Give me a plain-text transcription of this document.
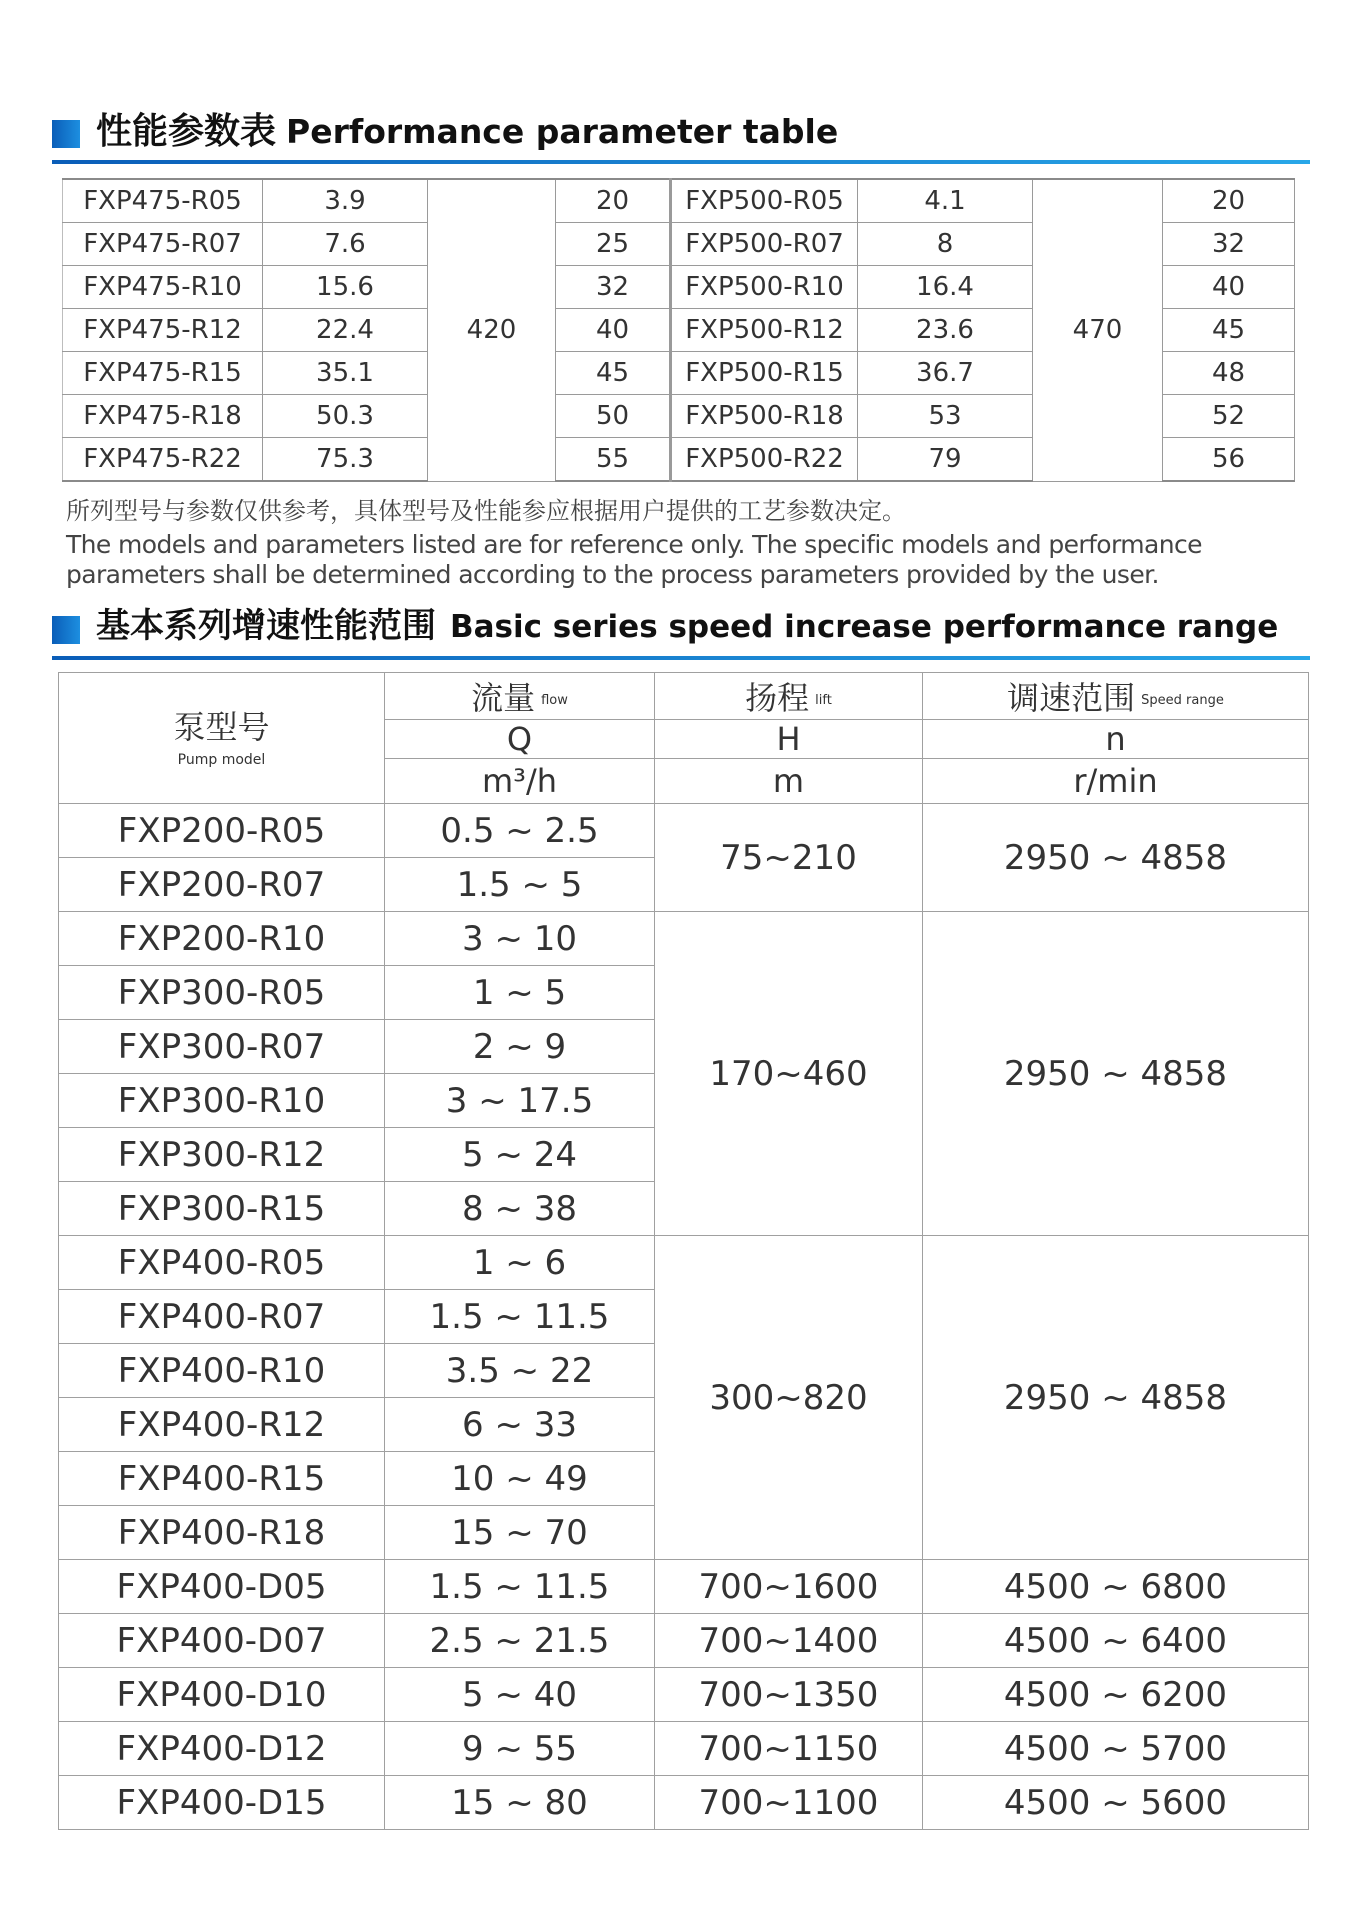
性能参数表 Performance parameter table
FXP475-R05	3.9	420	20	FXP500-R05	4.1	470	20
FXP475-R07	7.6		25	FXP500-R07	8		32
FXP475-R10	15.6		32	FXP500-R10	16.4		40
FXP475-R12	22.4		40	FXP500-R12	23.6		45
FXP475-R15	35.1		45	FXP500-R15	36.7		48
FXP475-R18	50.3		50	FXP500-R18	53		52
FXP475-R22	75.3		55	FXP500-R22	79		56
所列型号与参数仅供参考，具体型号及性能参应根据用户提供的工艺参数决定。
The models and parameters listed are for reference only. The specific models and performance parameters shall be determined according to the process parameters provided by the user.
基本系列增速性能范围 Basic series speed increase performance range
泵型号
Pump model	流量 flow	扬程 lift	调速范围 Speed range
	Q	H	n
	m³/h	m	r/min
FXP200-R05	0.5 ~ 2.5	75~210	2950 ~ 4858
FXP200-R07	1.5 ~ 5		
FXP200-R10	3 ~ 10	170~460	2950 ~ 4858
FXP300-R05	1 ~ 5		
FXP300-R07	2 ~ 9		
FXP300-R10	3 ~ 17.5		
FXP300-R12	5 ~ 24		
FXP300-R15	8 ~ 38		
FXP400-R05	1 ~ 6	300~820	2950 ~ 4858
FXP400-R07	1.5 ~ 11.5		
FXP400-R10	3.5 ~ 22		
FXP400-R12	6 ~ 33		
FXP400-R15	10 ~ 49		
FXP400-R18	15 ~ 70		
FXP400-D05	1.5 ~ 11.5	700~1600	4500 ~ 6800
FXP400-D07	2.5 ~ 21.5	700~1400	4500 ~ 6400
FXP400-D10	5 ~ 40	700~1350	4500 ~ 6200
FXP400-D12	9 ~ 55	700~1150	4500 ~ 5700
FXP400-D15	15 ~ 80	700~1100	4500 ~ 5600
